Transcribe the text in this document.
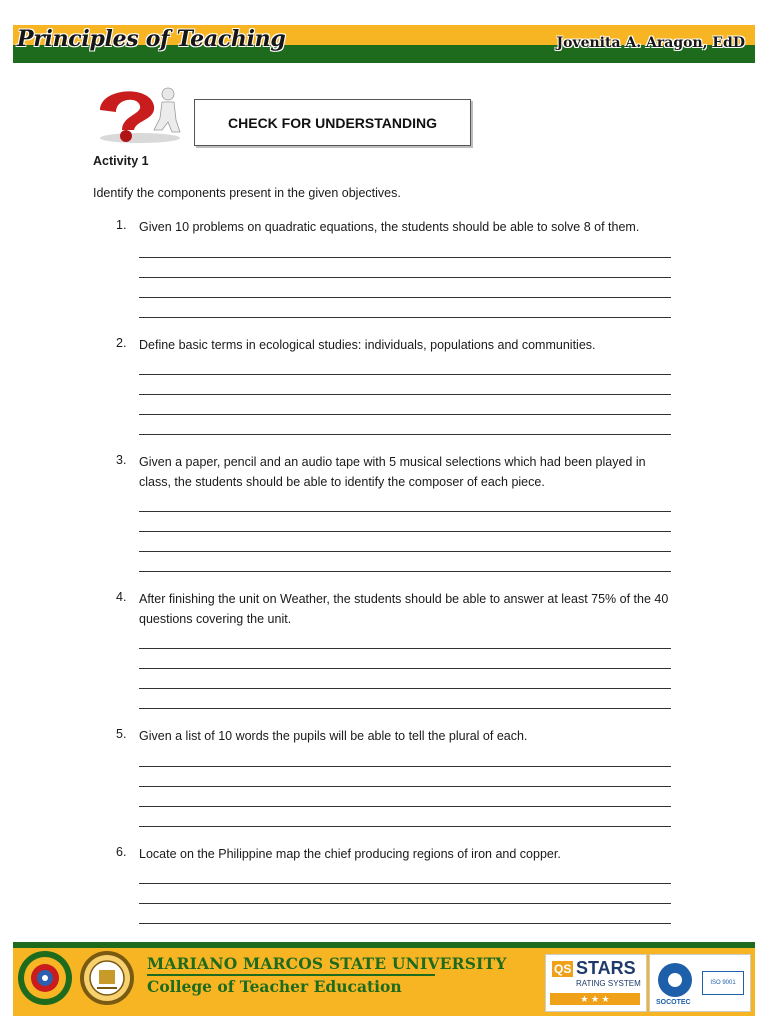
Principles of Teaching	Jovenita A. Aragon, EdD
CHECK FOR UNDERSTANDING
Activity 1
Identify the components present in the given objectives.
1. Given 10 problems on quadratic equations, the students should be able to solve 8 of them.
2. Define basic terms in ecological studies: individuals, populations and communities.
3. Given a paper, pencil and an audio tape with 5 musical selections which had been played in class, the students should be able to identify the composer of each piece.
4. After finishing the unit on Weather, the students should be able to answer at least 75% of the 40 questions covering the unit.
5. Given a list of 10 words the pupils will be able to tell the plural of each.
6. Locate on the Philippine map the chief producing regions of iron and copper.
MARIANO MARCOS STATE UNIVERSITY
College of Teacher Education
QS STARS
RATING SYSTEM
★ ★ ★	SOCOTEC
ISO 9001
